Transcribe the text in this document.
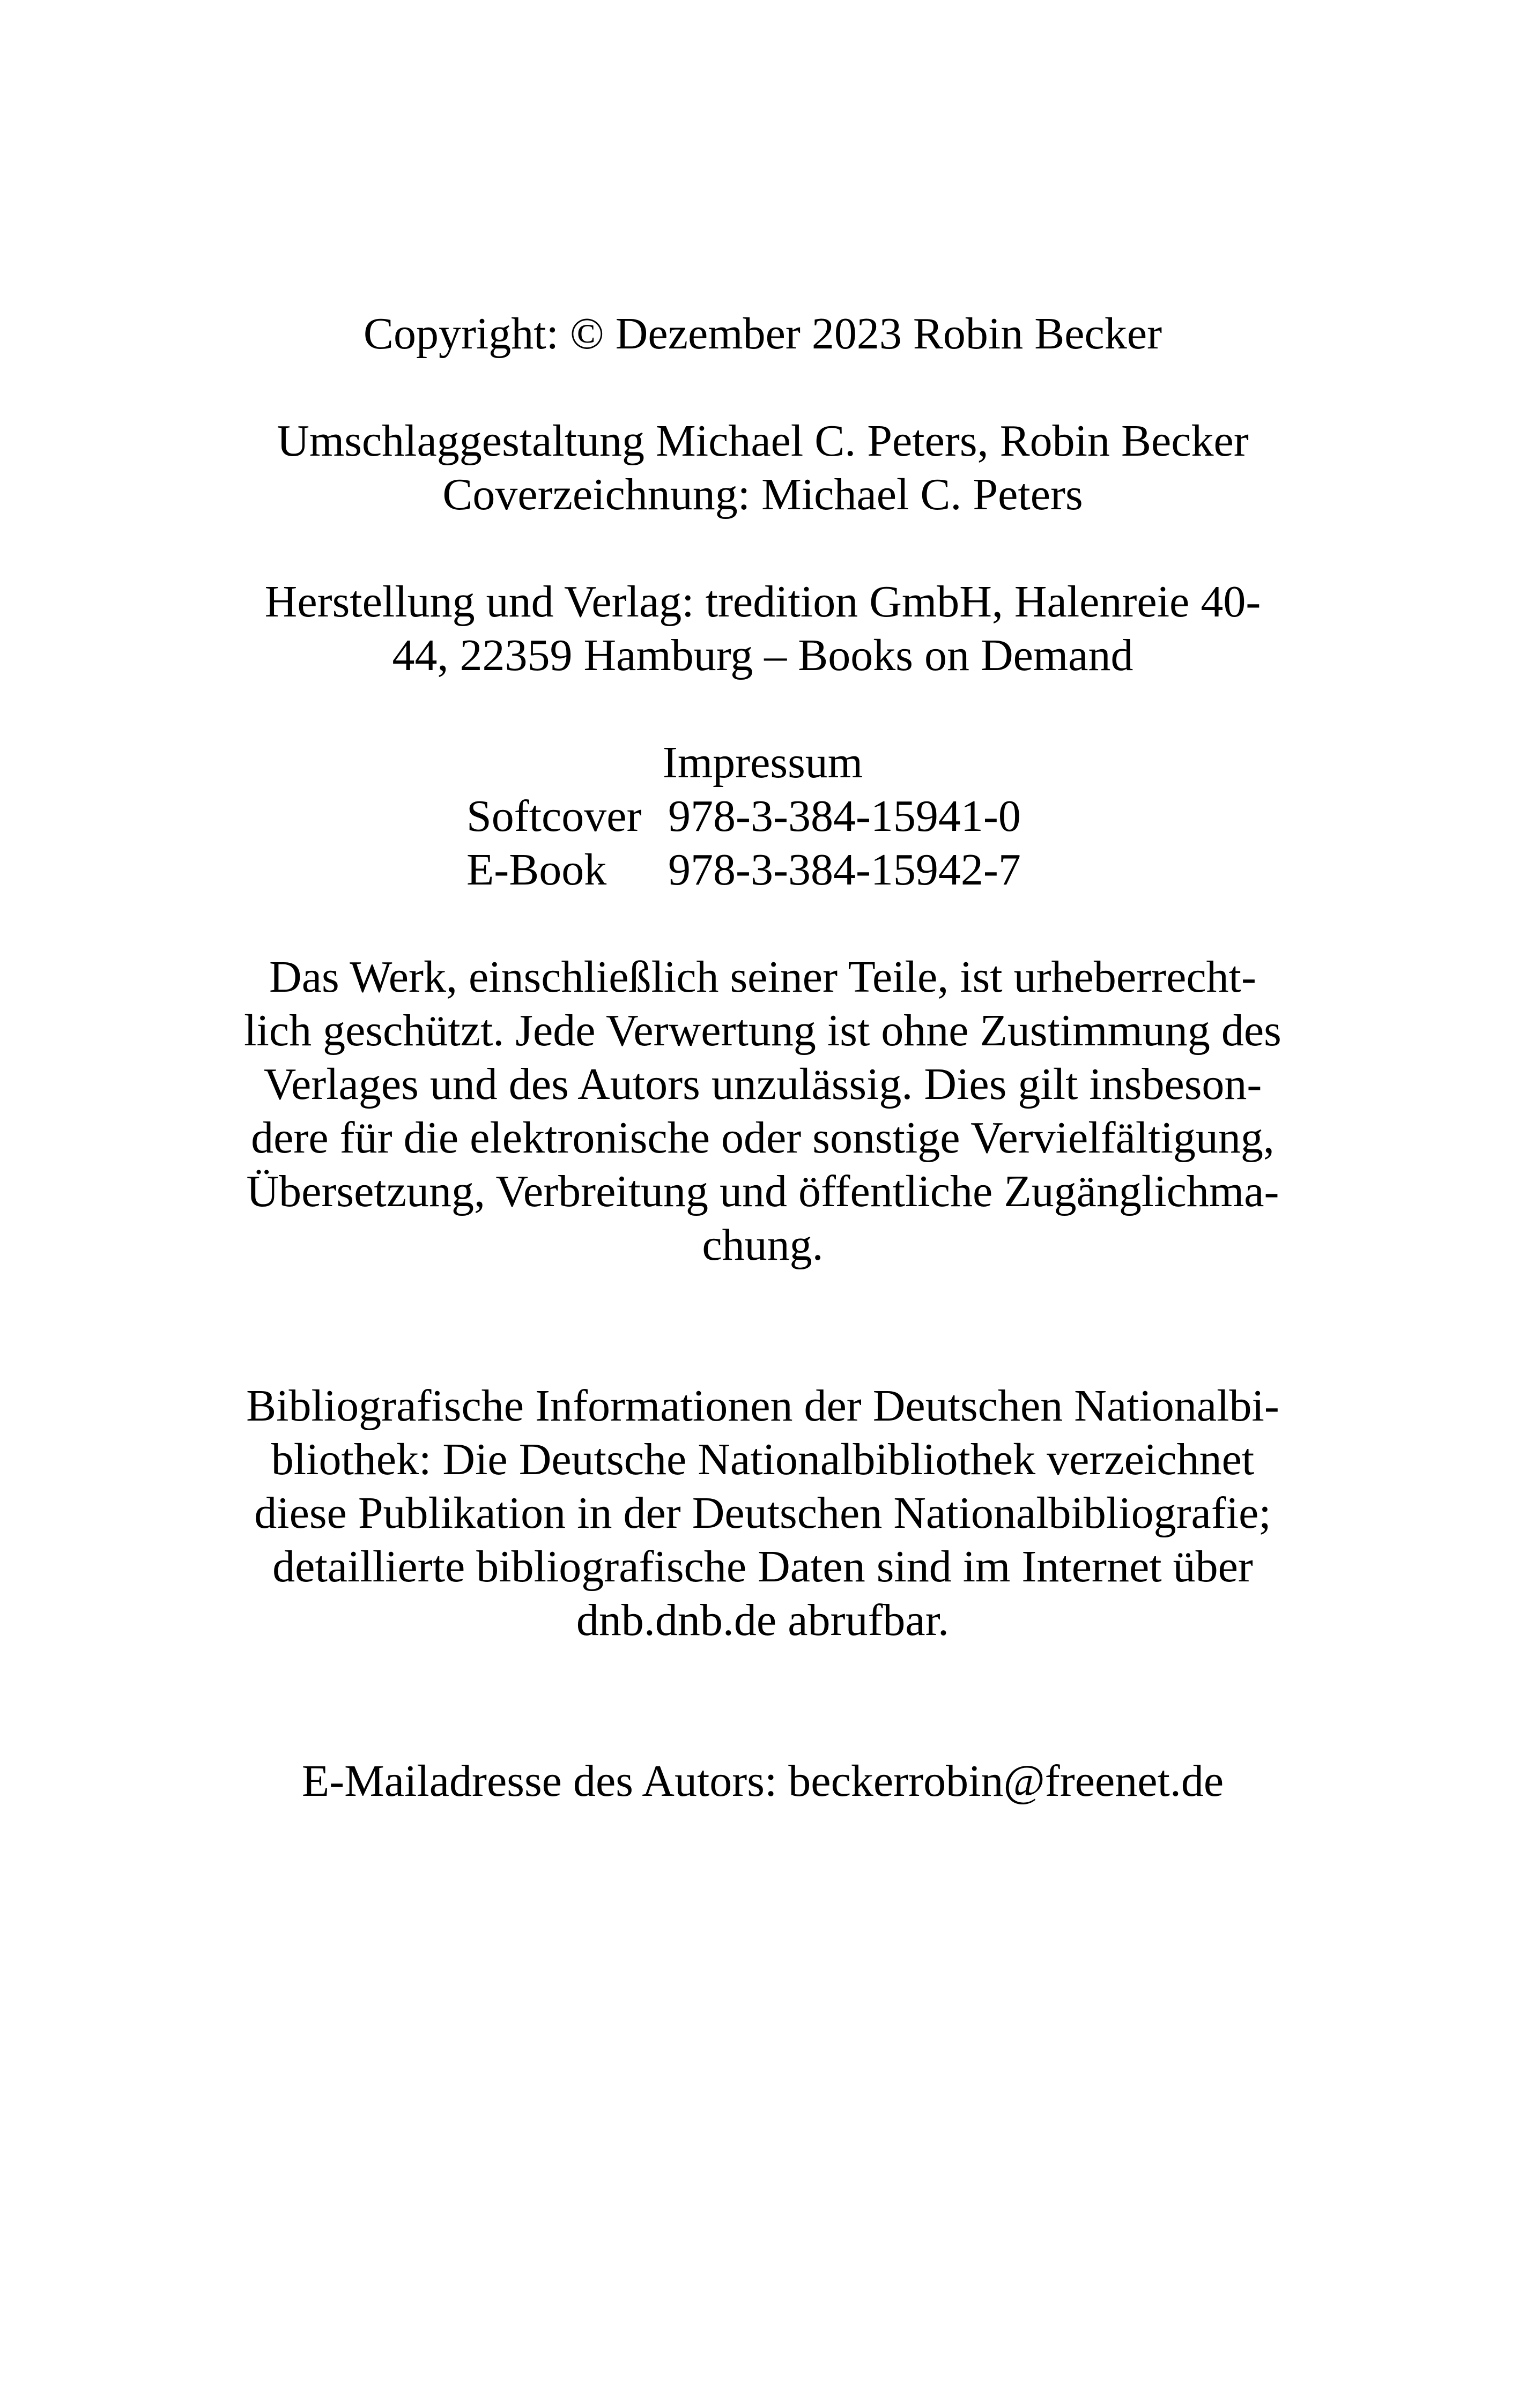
Copyright: © Dezember 2023 Robin Becker
Umschlaggestaltung Michael C. Peters, Robin Becker
Coverzeichnung: Michael C. Peters
Herstellung und Verlag: tredition GmbH, Halenreie 40-
44, 22359 Hamburg – Books on Demand
Impressum
Softcover 978-3-384-15941-0
E-Book 978-3-384-15942-7
Das Werk, einschließlich seiner Teile, ist urheberrecht-
lich geschützt. Jede Verwertung ist ohne Zustimmung des
Verlages und des Autors unzulässig. Dies gilt insbeson-
dere für die elektronische oder sonstige Vervielfältigung,
Übersetzung, Verbreitung und öffentliche Zugänglichma-
chung.
Bibliografische Informationen der Deutschen Nationalbi-
bliothek: Die Deutsche Nationalbibliothek verzeichnet
diese Publikation in der Deutschen Nationalbibliografie;
detaillierte bibliografische Daten sind im Internet über
dnb.dnb.de abrufbar.
E-Mailadresse des Autors: beckerrobin@freenet.de
